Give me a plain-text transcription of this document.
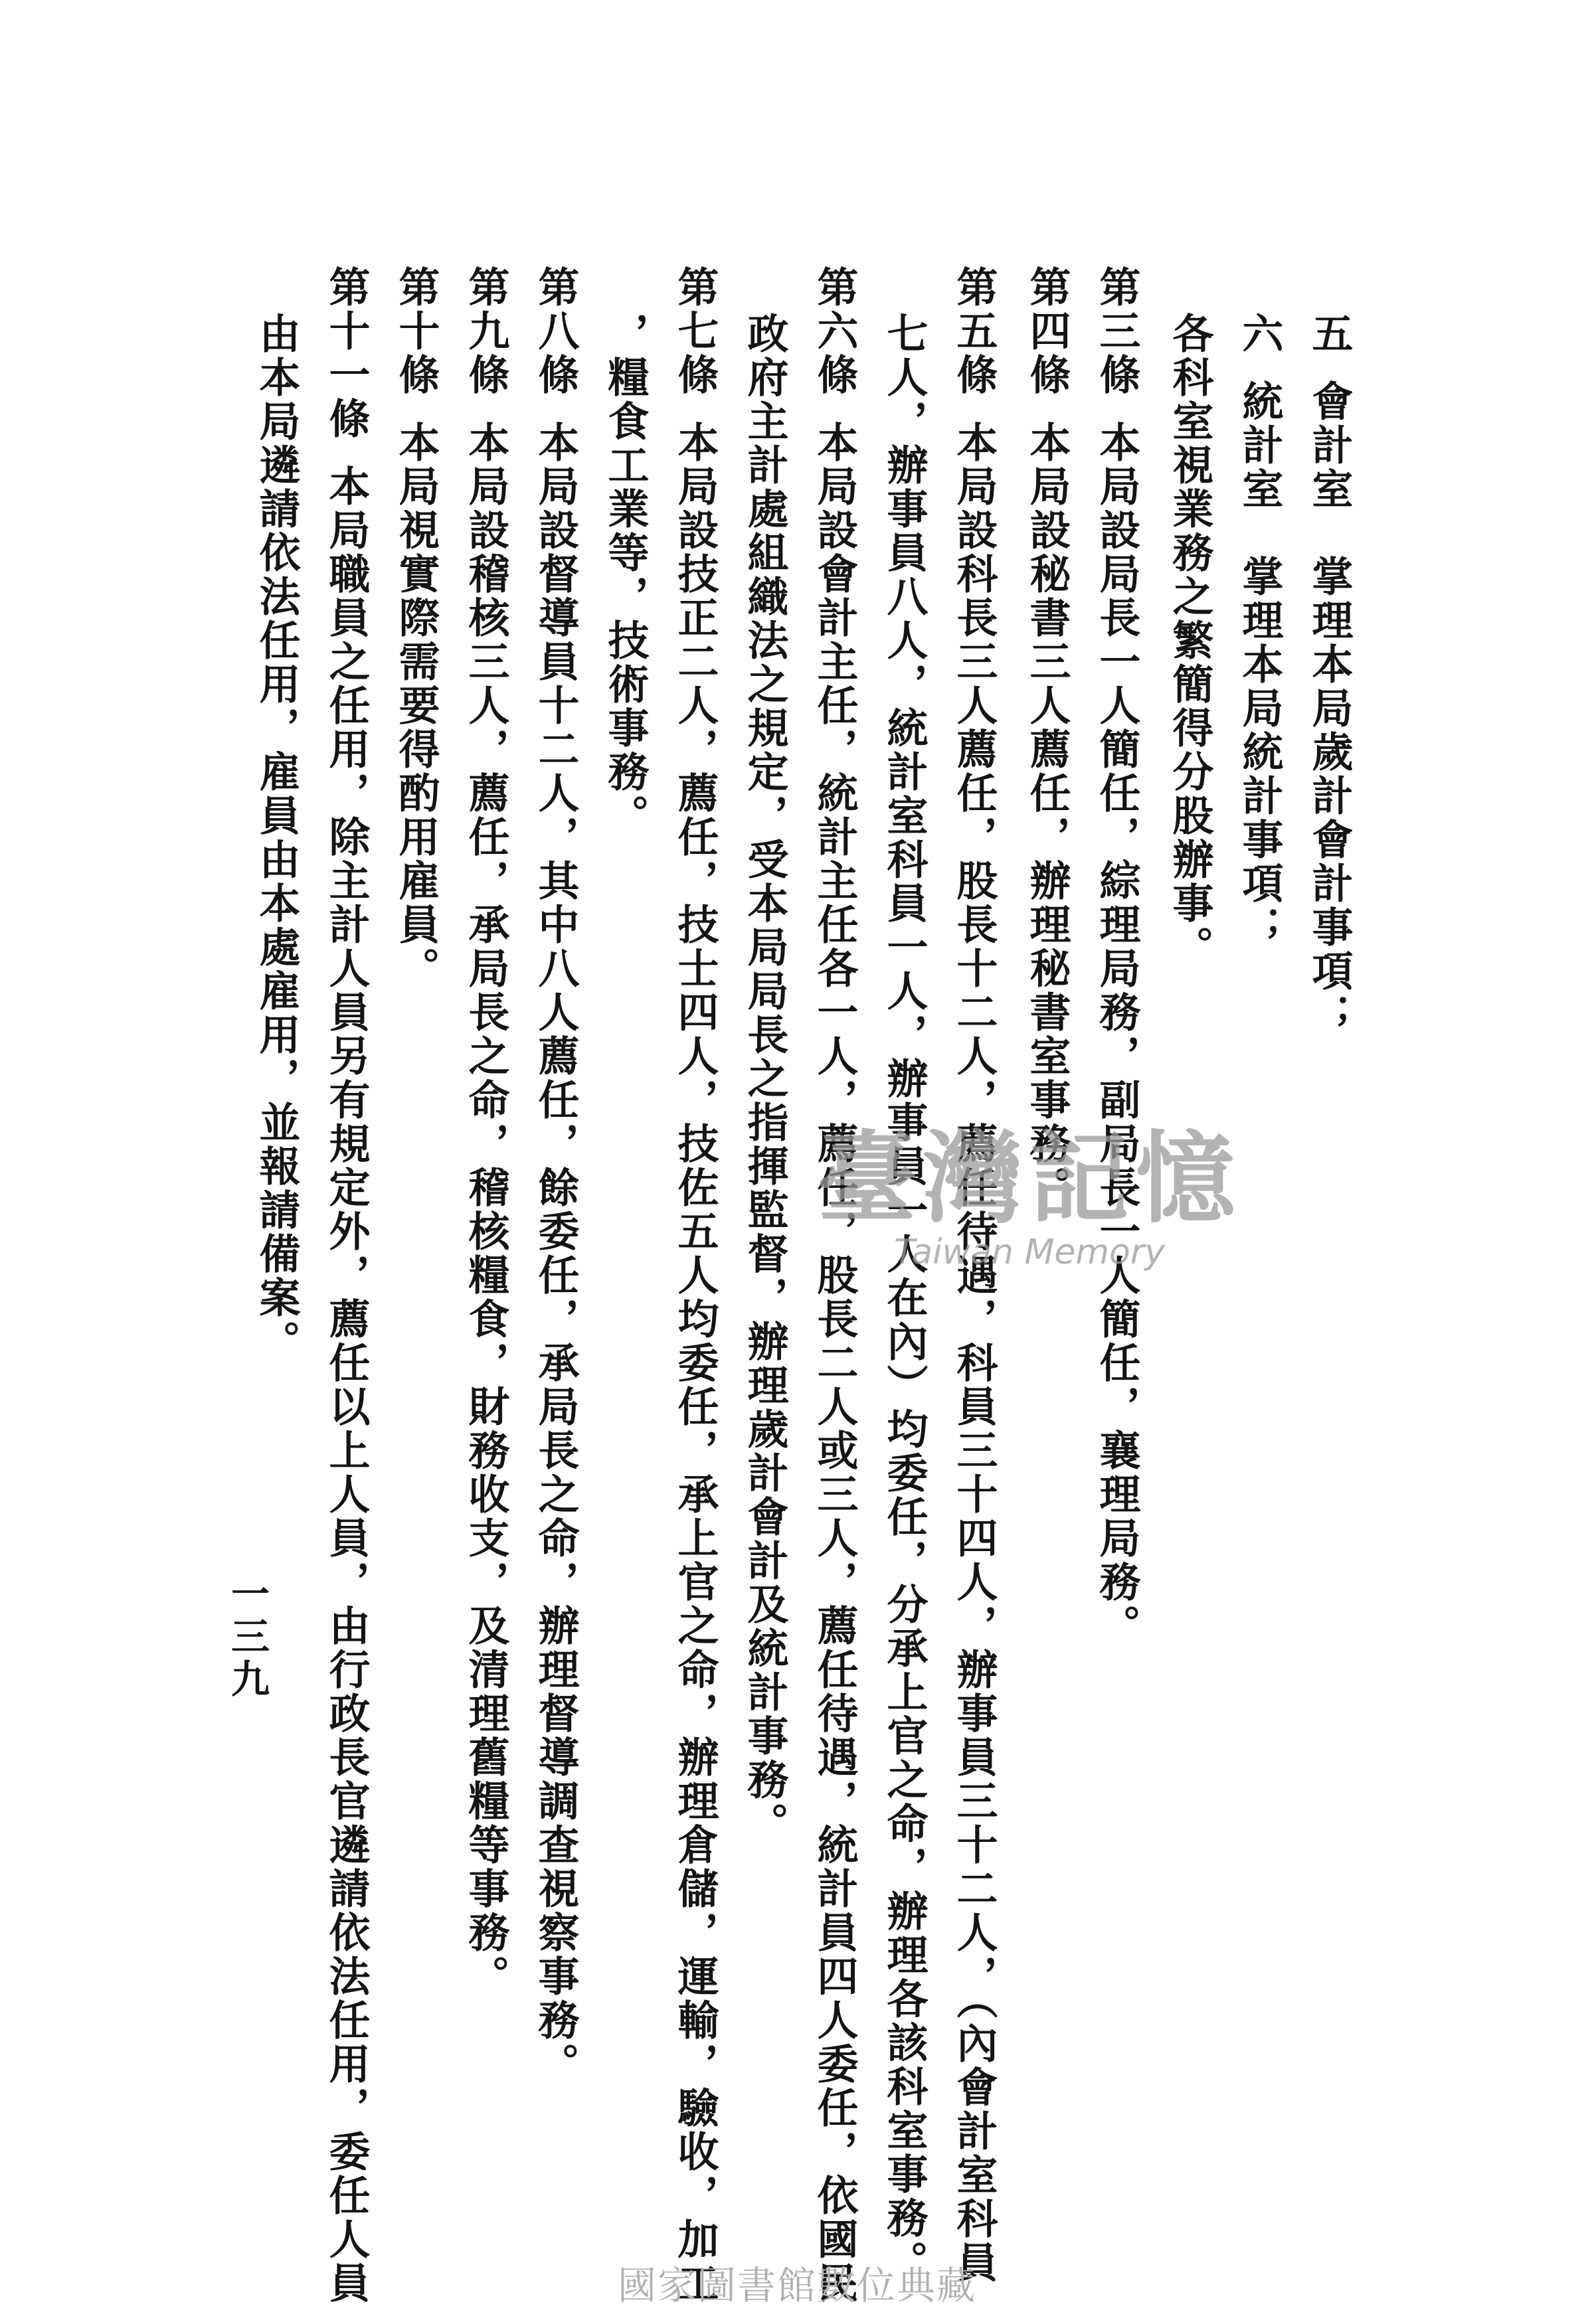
五會計室　掌理本局歲計會計事項；
六統計室　掌理本局統計事項；
各科室視業務之繁簡得分股辦事。
第三條本局設局長一人簡任，綜理局務，副局長一人簡任，襄理局務。
第四條本局設秘書三人薦任，辦理秘書室事務。
第五條本局設科長三人薦任，股長十二人，薦任待遇，科員三十四人，辦事員三十二人，（內會計室科員
七人，辦事員八人，統計室科員一人，辦事員一人在內）均委任，分承上官之命，辦理各該科室事務。
第六條本局設會計主任，統計主任各一人，薦任，股長二人或三人，薦任待遇，統計員四人委任，依國民
政府主計處組織法之規定，受本局局長之指揮監督，辦理歲計會計及統計事務。
第七條本局設技正二人，薦任，技士四人，技佐五人均委任，承上官之命，辦理倉儲，運輸，驗收，加工
，糧食工業等，技術事務。
第八條本局設督導員十二人，其中八人薦任，餘委任，承局長之命，辦理督導調查視察事務。
第九條本局設稽核三人，薦任，承局長之命，稽核糧食，財務收支，及清理舊糧等事務。
第十條本局視實際需要得酌用雇員。
第十一條本局職員之任用，除主計人員另有規定外，薦任以上人員，由行政長官遴請依法任用，委任人員
由本局遴請依法任用，雇員由本處雇用，並報請備案。
一三九
臺灣記憶
Taiwan Memory
國家圖書館數位典藏
